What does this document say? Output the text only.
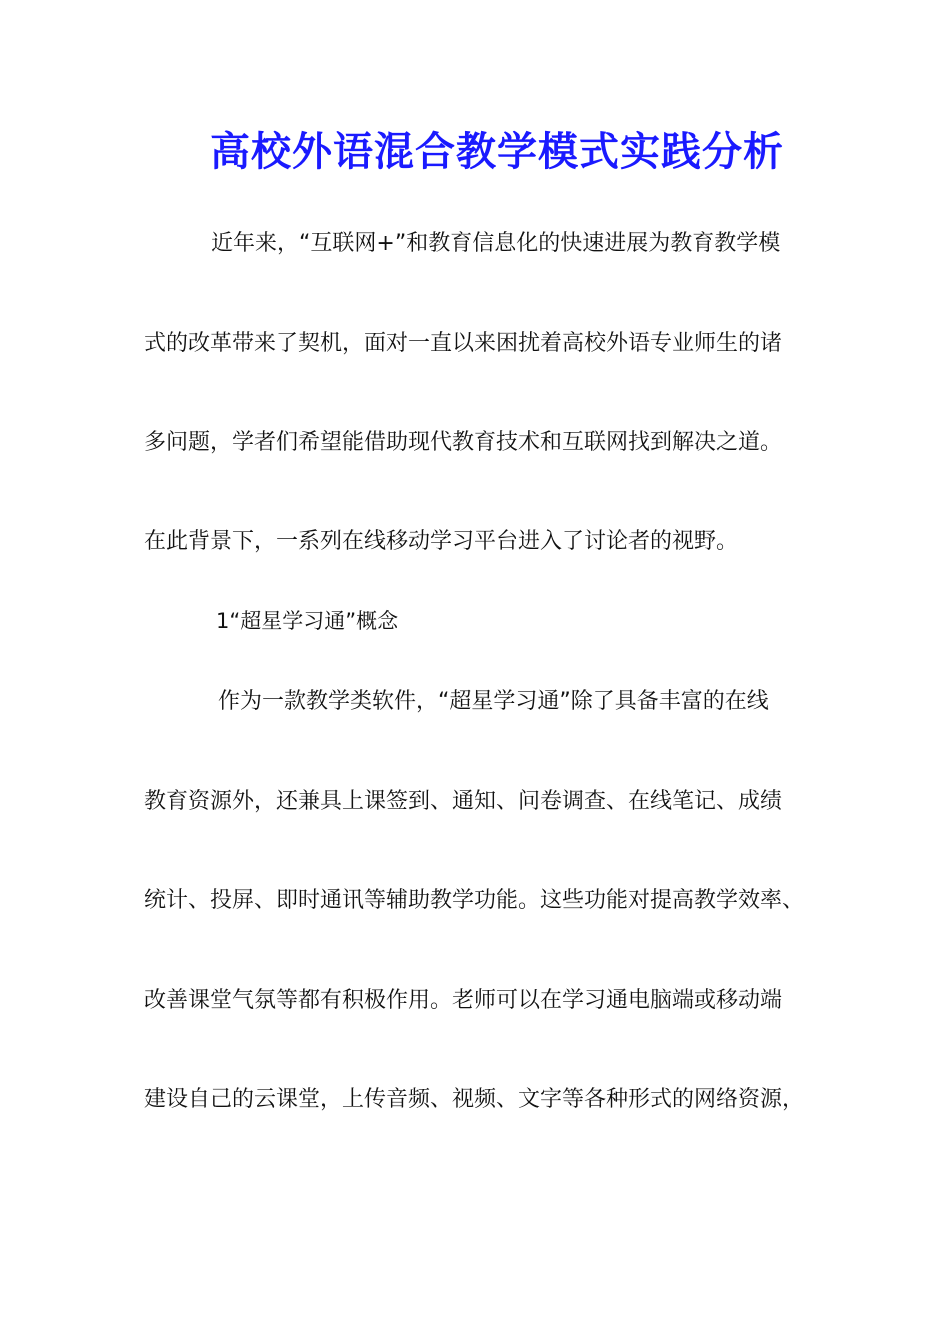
高校外语混合教学模式实践分析
近年来，“互联网+”和教育信息化的快速进展为教育教学模
式的改革带来了契机，面对一直以来困扰着高校外语专业师生的诸
多问题，学者们希望能借助现代教育技术和互联网找到解决之道。
在此背景下，一系列在线移动学习平台进入了讨论者的视野。
1“超星学习通”概念
作为一款教学类软件，“超星学习通”除了具备丰富的在线
教育资源外，还兼具上课签到、通知、问卷调查、在线笔记、成绩
统计、投屏、即时通讯等辅助教学功能。这些功能对提高教学效率、
改善课堂气氛等都有积极作用。老师可以在学习通电脑端或移动端
建设自己的云课堂，上传音频、视频、文字等各种形式的网络资源，
